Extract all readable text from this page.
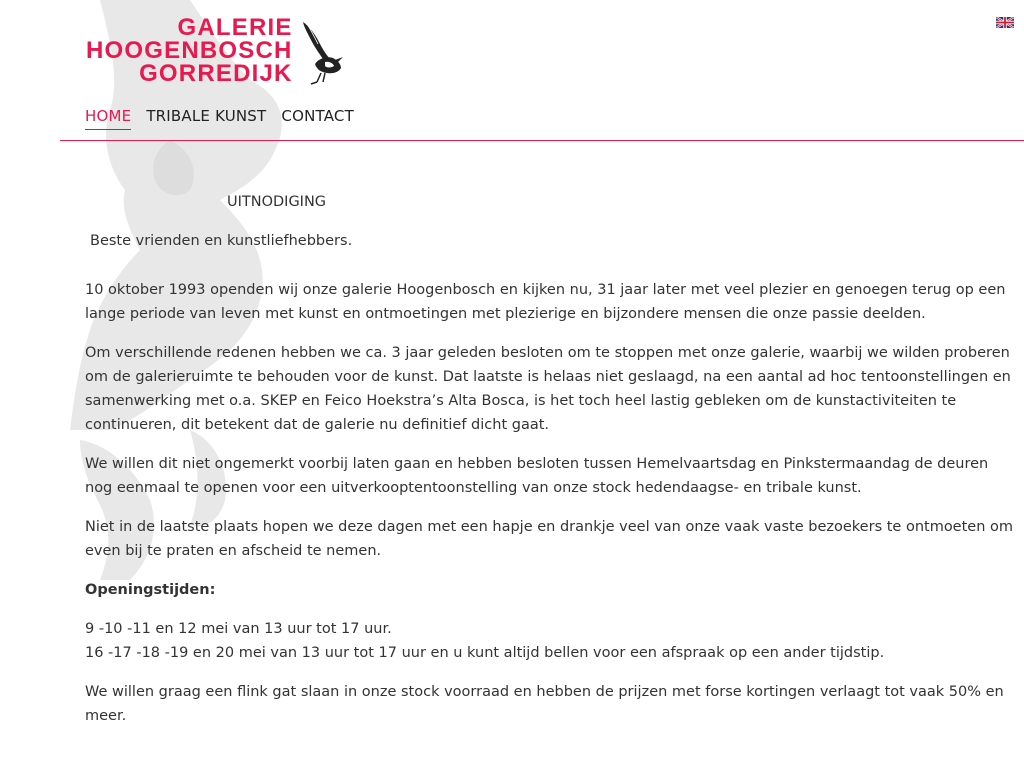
GALERIE
HOOGENBOSCH
GORREDIJK
HOME TRIBALE KUNST CONTACT

UITNODIGING

Beste vrienden en kunstliefhebbers.

10 oktober 1993 openden wij onze galerie Hoogenbosch en kijken nu, 31 jaar later met veel plezier en genoegen terug op een lange periode van leven met kunst en ontmoetingen met plezierige en bijzondere mensen die onze passie deelden.

Om verschillende redenen hebben we ca. 3 jaar geleden besloten om te stoppen met onze galerie, waarbij we wilden proberen om de galerieruimte te behouden voor de kunst. Dat laatste is helaas niet geslaagd, na een aantal ad hoc tentoonstellingen en samenwerking met o.a. SKEP en Feico Hoekstra’s Alta Bosca, is het toch heel lastig gebleken om de kunstactiviteiten te continueren, dit betekent dat de galerie nu definitief dicht gaat.

We willen dit niet ongemerkt voorbij laten gaan en hebben besloten tussen Hemelvaartsdag en Pinkstermaandag de deuren nog eenmaal te openen voor een uitverkooptentoonstelling van onze stock hedendaagse- en tribale kunst.

Niet in de laatste plaats hopen we deze dagen met een hapje en drankje veel van onze vaak vaste bezoekers te ontmoeten om even bij te praten en afscheid te nemen.

Openingstijden:

9 -10 -11 en 12 mei van 13 uur tot 17 uur.

16 -17 -18 -19 en 20 mei van 13 uur tot 17 uur en u kunt altijd bellen voor een afspraak op een ander tijdstip.

We willen graag een flink gat slaan in onze stock voorraad en hebben de prijzen met forse kortingen verlaagt tot vaak 50% en meer.
